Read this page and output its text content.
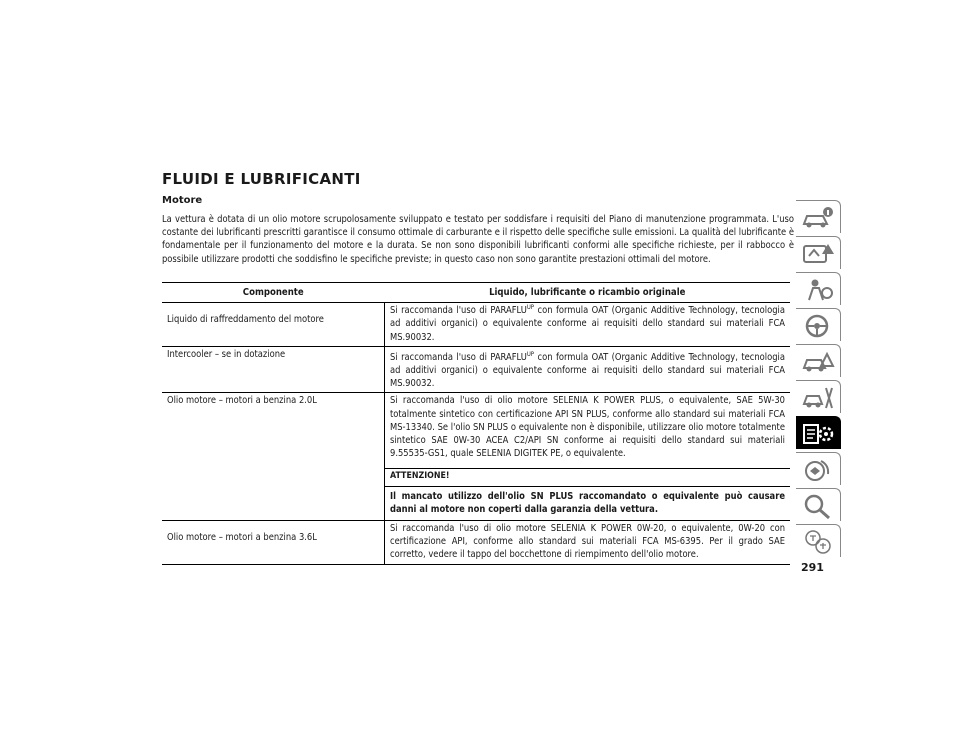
FLUIDI E LUBRIFICANTI
Motore

La vettura è dotata di un olio motore scrupolosamente sviluppato e testato per soddisfare i requisiti del Piano di manutenzione programmata. L'uso costante dei lubrificanti prescritti garantisce il consumo ottimale di carburante e il rispetto delle specifiche sulle emissioni. La qualità del lubrificante è fondamentale per il funzionamento del motore e la durata. Se non sono disponibili lubrificanti conformi alle specifiche richieste, per il rabbocco è possibile utilizzare prodotti che soddisfino le specifiche previste; in questo caso non sono garantite prestazioni ottimali del motore.

Componente	Liquido, lubrificante o ricambio originale
Liquido di raffreddamento del motore	Si raccomanda l'uso di $PARAFLU^{UP}$ con formula OAT (Organic Additive Technology, tecnologia ad additivi organici) o equivalente conforme ai requisiti dello standard sui materiali FCA MS.90032.
Intercooler – se in dotazione	Si raccomanda l'uso di $PARAFLU^{UP}$ con formula OAT (Organic Additive Technology, tecnologia ad additivi organici) o equivalente conforme ai requisiti dello standard sui materiali FCA MS.90032.
Olio motore – motori a benzina 2.0L	Si raccomanda l'uso di olio motore SELENIA K POWER PLUS, o equivalente, SAE 5W-30 totalmente sintetico con certificazione API SN PLUS, conforme allo standard sui materiali FCA MS-13340. Se l'olio SN PLUS o equivalente non è disponibile, utilizzare olio motore totalmente sintetico SAE 0W-30 ACEA C2/API SN conforme ai requisiti dello standard sui materiali 9.55535-GS1, quale SELENIA DIGITEK PE, o equivalente.
	ATTENZIONE!
	Il mancato utilizzo dell'olio SN PLUS raccomandato o equivalente può causare danni al motore non coperti dalla garanzia della vettura.
Olio motore – motori a benzina 3.6L	Si raccomanda l'uso di olio motore SELENIA K POWER 0W-20, o equivalente, 0W-20 con certificazione API, conforme allo standard sui materiali FCA MS-6395. Per il grado SAE corretto, vedere il tappo del bocchettone di riempimento dell'olio motore.
291
